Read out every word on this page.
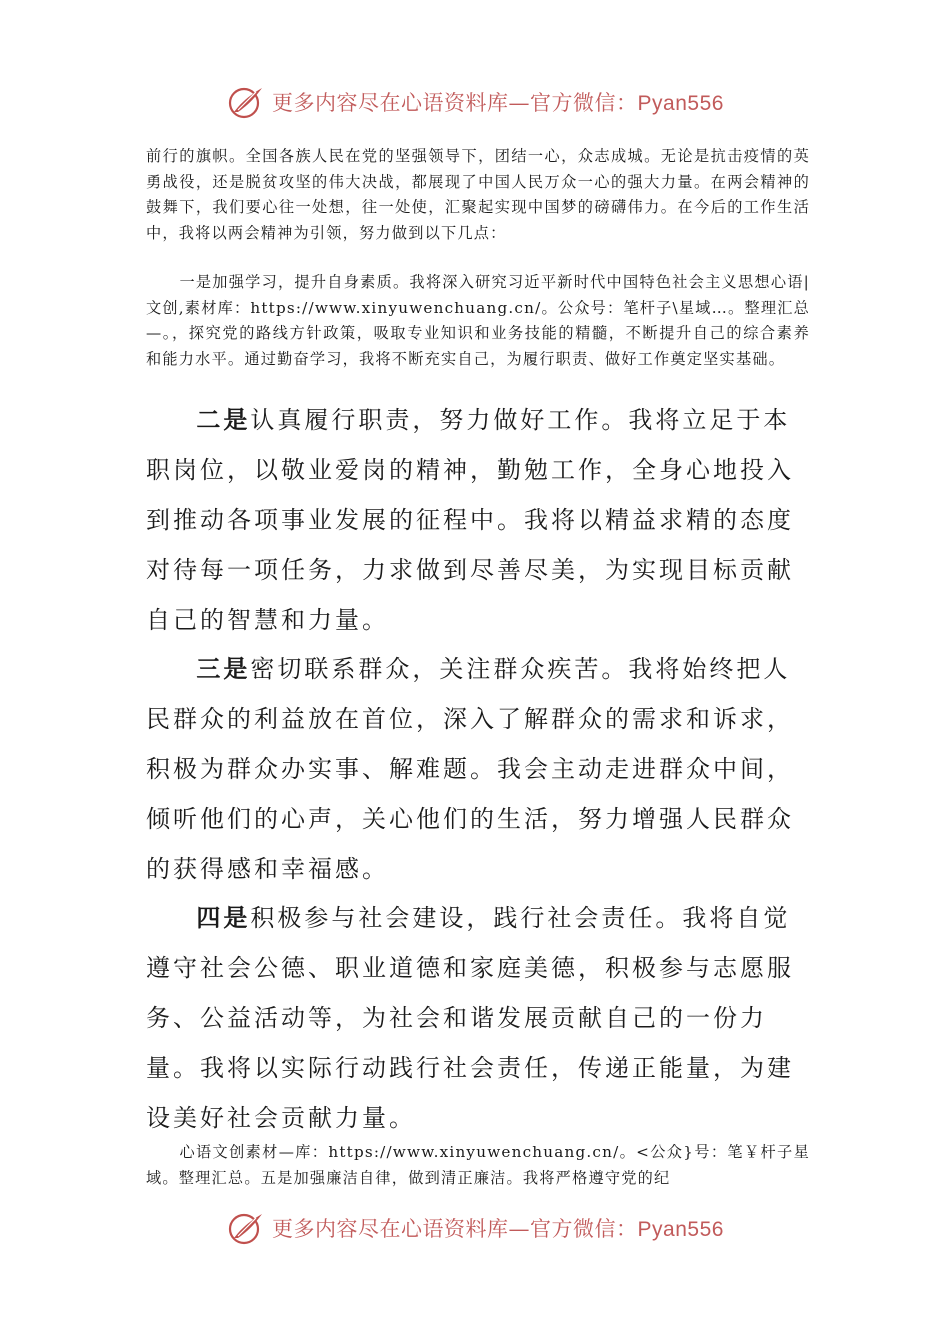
更多内容尽在心语资料库—官方微信：Pyan556

前行的旗帜。全国各族人民在党的坚强领导下，团结一心，众志成城。无论是抗击疫情的英勇战役，还是脱贫攻坚的伟大决战，都展现了中国人民万众一心的强大力量。在两会精神的鼓舞下，我们要心往一处想，往一处使，汇聚起实现中国梦的磅礴伟力。在今后的工作生活中，我将以两会精神为引领，努力做到以下几点：

一是加强学习，提升自身素质。我将深入研究习近平新时代中国特色社会主义思想心语|文创,素材库：https://www.xinyuwenchuang.cn/。公众号：笔杆子\星域…。整理汇总—。，探究党的路线方针政策，吸取专业知识和业务技能的精髓，不断提升自己的综合素养和能力水平。通过勤奋学习，我将不断充实自己，为履行职责、做好工作奠定坚实基础。

二是认真履行职责，努力做好工作。我将立足于本职岗位，以敬业爱岗的精神，勤勉工作，全身心地投入到推动各项事业发展的征程中。我将以精益求精的态度对待每一项任务，力求做到尽善尽美，为实现目标贡献自己的智慧和力量。

三是密切联系群众，关注群众疾苦。我将始终把人民群众的利益放在首位，深入了解群众的需求和诉求，积极为群众办实事、解难题。我会主动走进群众中间，倾听他们的心声，关心他们的生活，努力增强人民群众的获得感和幸福感。

四是积极参与社会建设，践行社会责任。我将自觉遵守社会公德、职业道德和家庭美德，积极参与志愿服务、公益活动等，为社会和谐发展贡献自己的一份力量。我将以实际行动践行社会责任，传递正能量，为建设美好社会贡献力量。

心语文创素材—库：https://www.xinyuwenchuang.cn/。<公众}号：笔￥杆子星域。整理汇总。五是加强廉洁自律，做到清正廉洁。我将严格遵守党的纪

更多内容尽在心语资料库—官方微信：Pyan556
